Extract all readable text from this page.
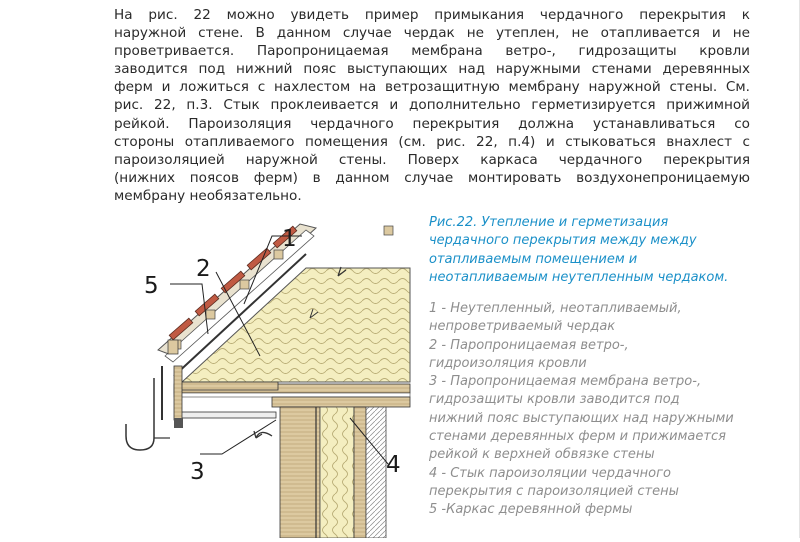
На рис. 22 можно увидеть пример примыкания чердачного перекрытия к
наружной стене. В данном случае чердак не утеплен, не отапливается и не
проветривается. Паропроницаемая мембрана ветро-, гидрозащиты кровли
заводится под нижний пояс выступающих над наружными стенами деревянных
ферм и ложиться с нахлестом на ветрозащитную мембрану наружной стены. См.
рис. 22, п.3. Стык проклеивается и дополнительно герметизируется прижимной
рейкой. Пароизоляция чердачного перекрытия должна устанавливаться со
стороны отапливаемого помещения (см. рис. 22, п.4) и стыковаться внахлест с
пароизоляцией наружной стены. Поверх каркаса чердачного перекрытия
(нижних поясов ферм) в данном случае монтировать воздухонепроницаемую
мембрану необязательно.
1
2
5
3	4
Рис.22. Утепление и герметизация
чердачного перекрытия между между
отапливаемым помещением и
неотапливаемым неутепленным чердаком.
1 - Неутепленный, неотапливаемый,
непроветриваемый чердак
2 - Паропроницаемая ветро-,
гидроизоляция кровли
3 - Паропроницаемая мембрана ветро-,
гидрозащиты кровли заводится под
нижний пояс выступающих над наружными
стенами деревянных ферм и прижимается
рейкой к верхней обвязке стены
4 - Стык пароизоляции чердачного
перекрытия с пароизоляцией стены
5 -Каркас деревянной фермы
